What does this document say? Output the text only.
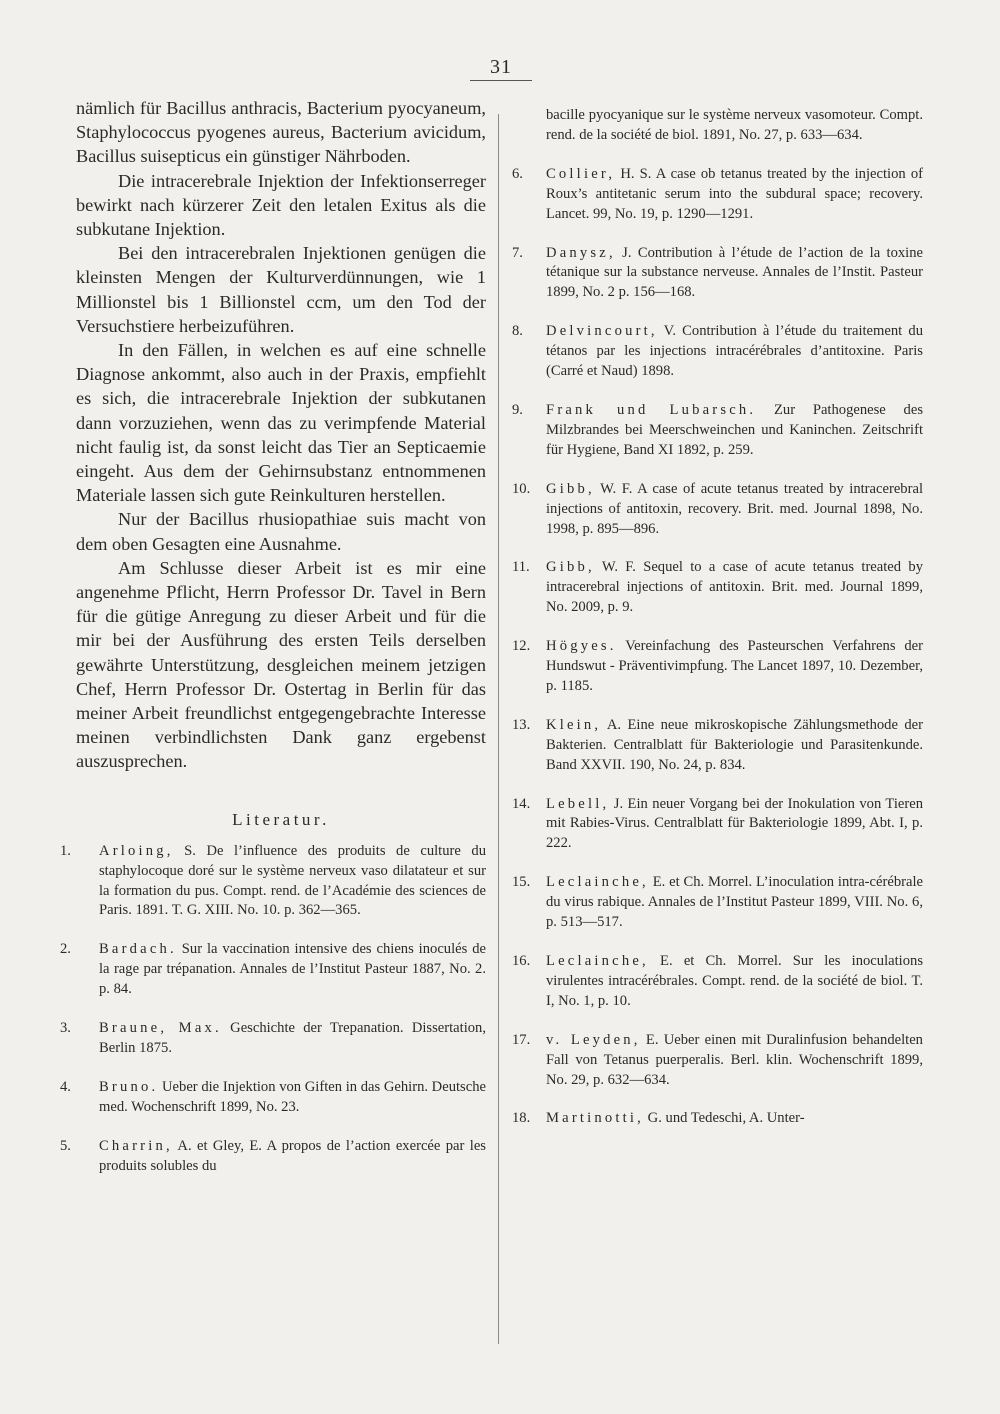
31

nämlich für Bacillus anthracis, Bacterium pyocyaneum, Staphylococcus pyogenes aureus, Bacterium avicidum, Bacillus suisepticus ein günstiger Nährboden.

Die intracerebrale Injektion der Infektionserreger bewirkt nach kürzerer Zeit den letalen Exitus als die subkutane Injektion.

Bei den intracerebralen Injektionen genügen die kleinsten Mengen der Kulturverdünnungen, wie 1 Millionstel bis 1 Billionstel ccm, um den Tod der Versuchstiere herbeizuführen.

In den Fällen, in welchen es auf eine schnelle Diagnose ankommt, also auch in der Praxis, empfiehlt es sich, die intracerebrale Injektion der subkutanen dann vorzuziehen, wenn das zu verimpfende Material nicht faulig ist, da sonst leicht das Tier an Septicaemie eingeht. Aus dem der Gehirnsubstanz entnommenen Materiale lassen sich gute Reinkulturen herstellen.

Nur der Bacillus rhusiopathiae suis macht von dem oben Gesagten eine Ausnahme.

Am Schlusse dieser Arbeit ist es mir eine angenehme Pflicht, Herrn Professor Dr. Tavel in Bern für die gütige Anregung zu dieser Arbeit und für die mir bei der Ausführung des ersten Teils derselben gewährte Unterstützung, desgleichen meinem jetzigen Chef, Herrn Professor Dr. Ostertag in Berlin für das meiner Arbeit freundlichst entgegengebrachte Interesse meinen verbindlichsten Dank ganz ergebenst auszusprechen.

Literatur.
1.	Arloing, S. De l’influence des produits de culture du staphylocoque doré sur le système nerveux vaso dilatateur et sur la formation du pus. Compt. rend. de l’Académie des sciences de Paris. 1891. T. G. XIII. No. 10. p. 362—365.
2.	Bardach. Sur la vaccination intensive des chiens inoculés de la rage par trépanation. Annales de l’Institut Pasteur 1887, No. 2. p. 84.
3.	Braune, Max. Geschichte der Trepanation. Dissertation, Berlin 1875.
4.	Bruno. Ueber die Injektion von Giften in das Gehirn. Deutsche med. Wochenschrift 1899, No. 23.
5.	Charrin, A. et Gley, E. A propos de l’action exercée par les produits solubles du
bacille pyocyanique sur le système nerveux vasomoteur. Compt. rend. de la société de biol. 1891, No. 27, p. 633—634.
6.	Collier, H. S. A case ob tetanus treated by the injection of Roux’s antitetanic serum into the subdural space; recovery. Lancet. 99, No. 19, p. 1290—1291.
7.	Danysz, J. Contribution à l’étude de l’action de la toxine tétanique sur la substance nerveuse. Annales de l’Instit. Pasteur 1899, No. 2 p. 156—168.
8.	Delvincourt, V. Contribution à l’étude du traitement du tétanos par les injections intracérébrales d’antitoxine. Paris (Carré et Naud) 1898.
9.	Frank und Lubarsch. Zur Pathogenese des Milzbrandes bei Meerschweinchen und Kaninchen. Zeitschrift für Hygiene, Band XI 1892, p. 259.
10.	Gibb, W. F. A case of acute tetanus treated by intracerebral injections of antitoxin, recovery. Brit. med. Journal 1898, No. 1998, p. 895—896.
11.	Gibb, W. F. Sequel to a case of acute tetanus treated by intracerebral injections of antitoxin. Brit. med. Journal 1899, No. 2009, p. 9.
12.	Högyes. Vereinfachung des Pasteurschen Verfahrens der Hundswut - Präventivimpfung. The Lancet 1897, 10. Dezember, p. 1185.
13.	Klein, A. Eine neue mikroskopische Zählungsmethode der Bakterien. Centralblatt für Bakteriologie und Parasitenkunde. Band XXVII. 190, No. 24, p. 834.
14.	Lebell, J. Ein neuer Vorgang bei der Inokulation von Tieren mit Rabies-Virus. Centralblatt für Bakteriologie 1899, Abt. I, p. 222.
15.	Leclainche, E. et Ch. Morrel. L’inoculation intra-cérébrale du virus rabique. Annales de l’Institut Pasteur 1899, VIII. No. 6, p. 513—517.
16.	Leclainche, E. et Ch. Morrel. Sur les inoculations virulentes intracérébrales. Compt. rend. de la société de biol. T. I, No. 1, p. 10.
17.	v. Leyden, E. Ueber einen mit Duralinfusion behandelten Fall von Tetanus puerperalis. Berl. klin. Wochenschrift 1899, No. 29, p. 632—634.
18.	Martinotti, G. und Tedeschi, A. Unter-
